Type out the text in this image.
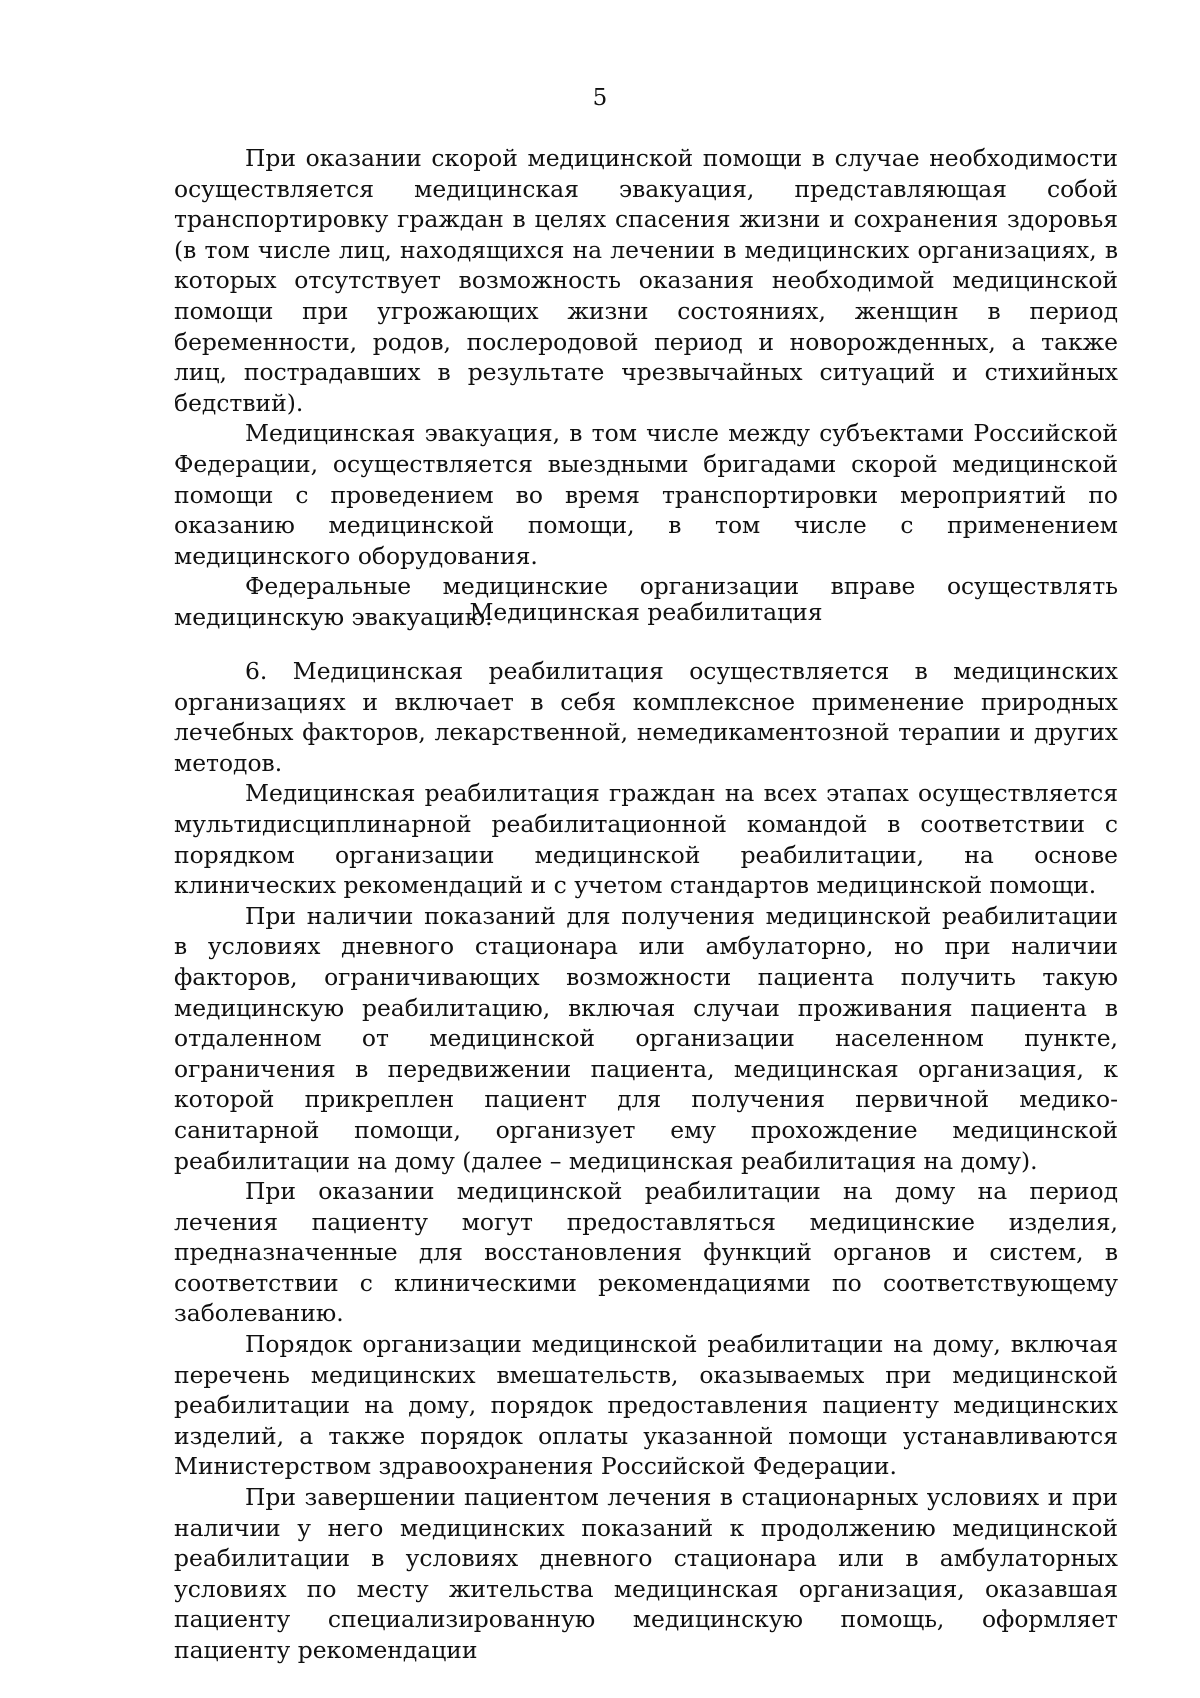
5

При оказании скорой медицинской помощи в случае необходимости осуществляется медицинская эвакуация, представляющая собой транспортировку граждан в целях спасения жизни и сохранения здоровья (в том числе лиц, находящихся на лечении в медицинских организациях, в которых отсутствует возможность оказания необходимой медицинской помощи при угрожающих жизни состояниях, женщин в период беременности, родов, послеродовой период и новорожденных, а также лиц, пострадавших в результате чрезвычайных ситуаций и стихийных бедствий).

Медицинская эвакуация, в том числе между субъектами Российской Федерации, осуществляется выездными бригадами скорой медицинской помощи с проведением во время транспортировки мероприятий по оказанию медицинской помощи, в том числе с применением медицинского оборудования.

Федеральные медицинские организации вправе осуществлять медицинскую эвакуацию.

Медицинская реабилитация

6. Медицинская реабилитация осуществляется в медицинских организациях и включает в себя комплексное применение природных лечебных факторов, лекарственной, немедикаментозной терапии и других методов.

Медицинская реабилитация граждан на всех этапах осуществляется мультидисциплинарной реабилитационной командой в соответствии с порядком организации медицинской реабилитации, на основе клинических рекомендаций и с учетом стандартов медицинской помощи.

При наличии показаний для получения медицинской реабилитации в условиях дневного стационара или амбулаторно, но при наличии факторов, ограничивающих возможности пациента получить такую медицинскую реабилитацию, включая случаи проживания пациента в отдаленном от медицинской организации населенном пункте, ограничения в передвижении пациента, медицинская организация, к которой прикреплен пациент для получения первичной медико-санитарной помощи, организует ему прохождение медицинской реабилитации на дому (далее – медицинская реабилитация на дому).

При оказании медицинской реабилитации на дому на период лечения пациенту могут предоставляться медицинские изделия, предназначенные для восстановления функций органов и систем, в соответствии с клиническими рекомендациями по соответствующему заболеванию.

Порядок организации медицинской реабилитации на дому, включая перечень медицинских вмешательств, оказываемых при медицинской реабилитации на дому, порядок предоставления пациенту медицинских изделий, а также порядок оплаты указанной помощи устанавливаются Министерством здравоохранения Российской Федерации.

При завершении пациентом лечения в стационарных условиях и при наличии у него медицинских показаний к продолжению медицинской реабилитации в условиях дневного стационара или в амбулаторных условиях по месту жительства медицинская организация, оказавшая пациенту специализированную медицинскую помощь, оформляет пациенту рекомендации
